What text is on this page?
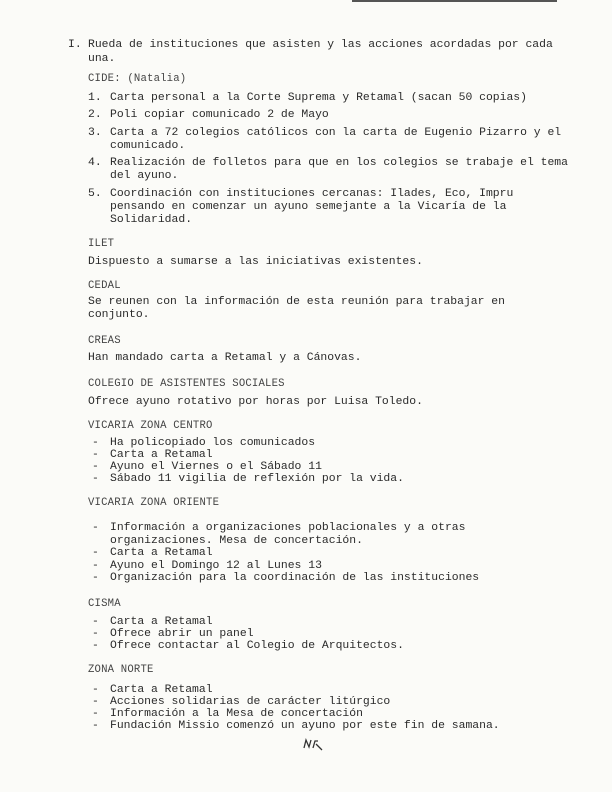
I. Rueda de instituciones que asisten y las acciones acordadas por cada una.
CIDE: (Natalia)
1. Carta personal a la Corte Suprema y Retamal (sacan 50 copias)
2. Poli copiar comunicado 2 de Mayo
3. Carta a 72 colegios católicos con la carta de Eugenio Pizarro y el comunicado.
4. Realización de folletos para que en los colegios se trabaje el tema del ayuno.
5. Coordinación con instituciones cercanas: Ilades, Eco, Impru pensando en comenzar un ayuno semejante a la Vicaría de la Solidaridad.
ILET
Dispuesto a sumarse a las iniciativas existentes.
CEDAL
Se reunen con la información de esta reunión para trabajar en conjunto.
CREAS
Han mandado carta a Retamal y a Cánovas.
COLEGIO DE ASISTENTES SOCIALES
Ofrece ayuno rotativo por horas por Luisa Toledo.
VICARIA ZONA CENTRO
- Ha policopiado los comunicados
- Carta a Retamal
- Ayuno el Viernes o el Sábado 11
- Sábado 11 vigilia de reflexión por la vida.
VICARIA ZONA ORIENTE
- Información a organizaciones poblacionales y a otras organizaciones. Mesa de concertación.
- Carta a Retamal
- Ayuno el Domingo 12 al Lunes 13
- Organización para la coordinación de las instituciones
CISMA
- Carta a Retamal
- Ofrece abrir un panel
- Ofrece contactar al Colegio de Arquitectos.
ZONA NORTE
- Carta a Retamal
- Acciones solidarias de carácter litúrgico
- Información a la Mesa de concertación
- Fundación Missio comenzó un ayuno por este fin de samana.
